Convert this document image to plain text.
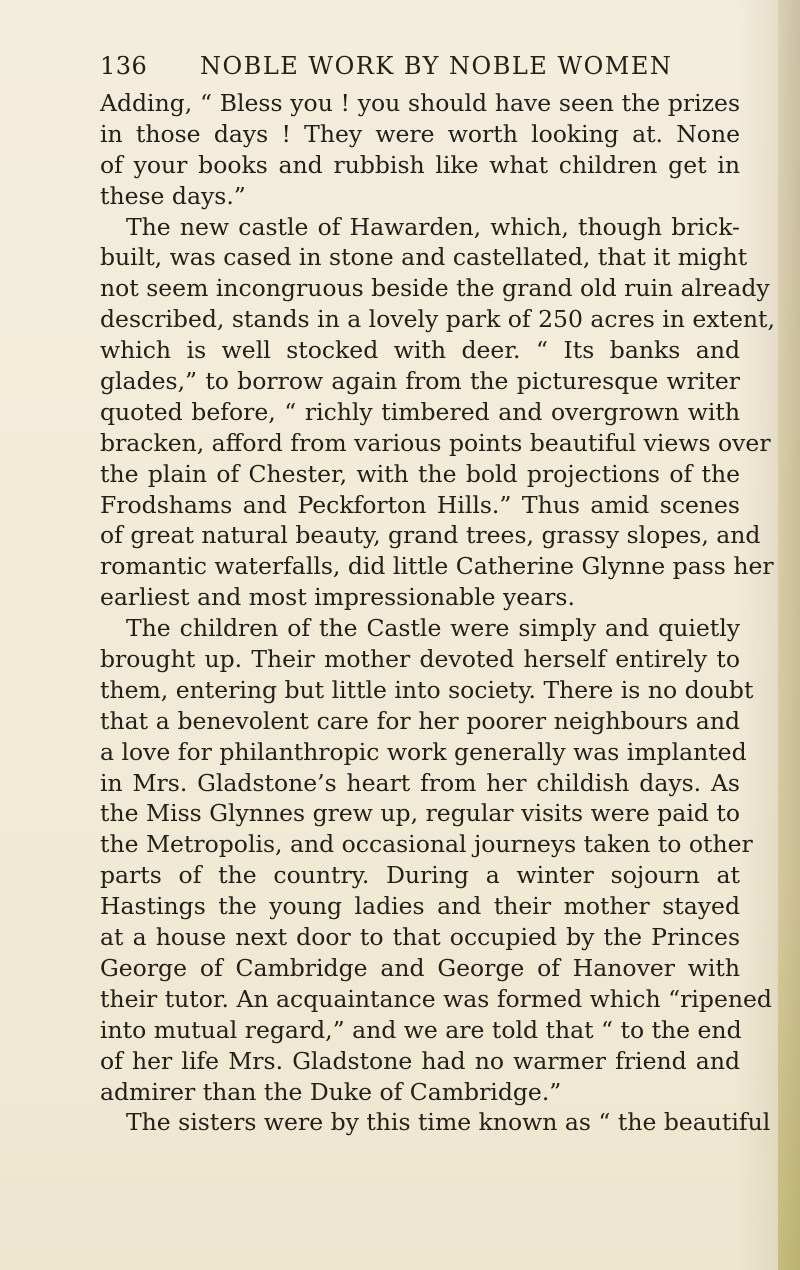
136 NOBLE WORK BY NOBLE WOMEN
Adding, “ Bless you ! you should have seen the prizes
in those days ! They were worth looking at. None
of your books and rubbish like what children get in
these days.”
The new castle of Hawarden, which, though brick-
built, was cased in stone and castellated, that it might
not seem incongruous beside the grand old ruin already
described, stands in a lovely park of 250 acres in extent,
which is well stocked with deer. “ Its banks and
glades,” to borrow again from the picturesque writer
quoted before, “ richly timbered and overgrown with
bracken, afford from various points beautiful views over
the plain of Chester, with the bold projections of the
Frodshams and Peckforton Hills.” Thus amid scenes
of great natural beauty, grand trees, grassy slopes, and
romantic waterfalls, did little Catherine Glynne pass her
earliest and most impressionable years.
The children of the Castle were simply and quietly
brought up. Their mother devoted herself entirely to
them, entering but little into society. There is no doubt
that a benevolent care for her poorer neighbours and
a love for philanthropic work generally was implanted
in Mrs. Gladstone’s heart from her childish days. As
the Miss Glynnes grew up, regular visits were paid to
the Metropolis, and occasional journeys taken to other
parts of the country. During a winter sojourn at
Hastings the young ladies and their mother stayed
at a house next door to that occupied by the Princes
George of Cambridge and George of Hanover with
their tutor. An acquaintance was formed which “ripened
into mutual regard,” and we are told that “ to the end
of her life Mrs. Gladstone had no warmer friend and
admirer than the Duke of Cambridge.”
The sisters were by this time known as “ the beautiful
